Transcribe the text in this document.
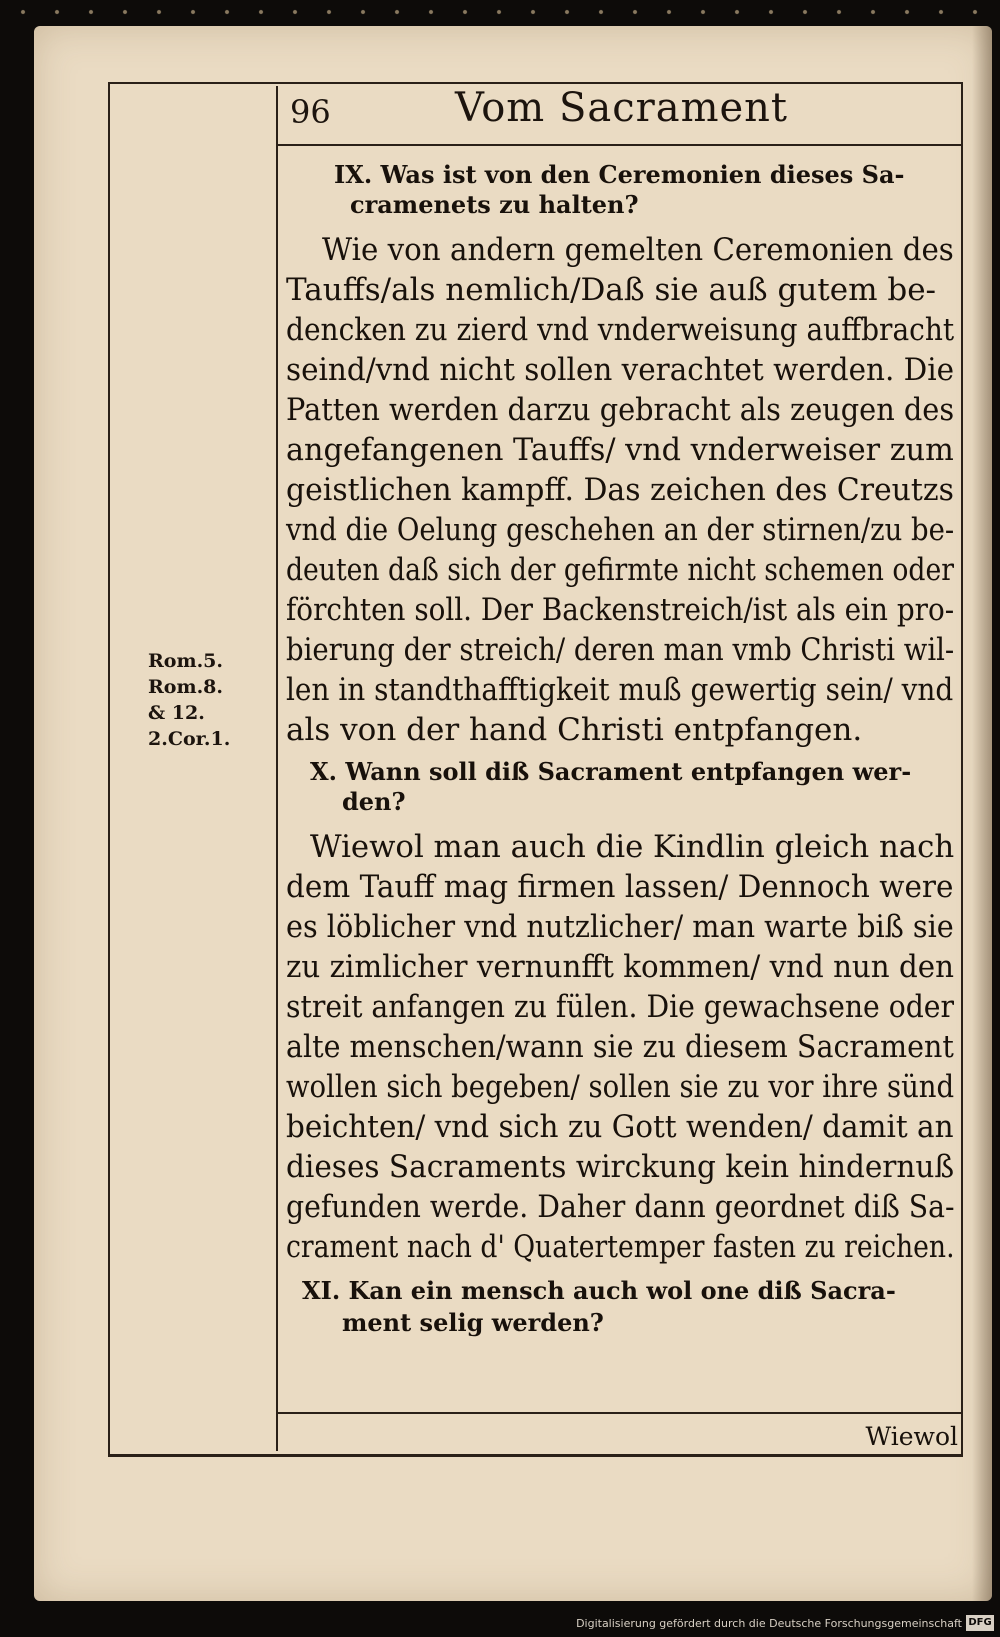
96	Vom Sacrament
Rom.5.
Rom.8.
& 12.
2.Cor.1.
IX. Was ist von den Ceremonien dieses Sa-
cramenets zu halten?
Wie von andern gemelten Ceremonien des
Tauffs/als nemlich/Daß sie auß gutem be-
dencken zu zierd vnd vnderweisung auffbracht
seind/vnd nicht sollen verachtet werden. Die
Patten werden darzu gebracht als zeugen des
angefangenen Tauffs/ vnd vnderweiser zum
geistlichen kampff. Das zeichen des Creutzs
vnd die Oelung geschehen an der stirnen/zu be-
deuten daß sich der gefirmte nicht schemen oder
förchten soll. Der Backenstreich/ist als ein pro-
bierung der streich/ deren man vmb Christi wil-
len in standthafftigkeit muß gewertig sein/ vnd
als von der hand Christi entpfangen.
X. Wann soll diß Sacrament entpfangen wer-
den?
Wiewol man auch die Kindlin gleich nach
dem Tauff mag firmen lassen/ Dennoch were
es löblicher vnd nutzlicher/ man warte biß sie
zu zimlicher vernunfft kommen/ vnd nun den
streit anfangen zu fülen. Die gewachsene oder
alte menschen/wann sie zu diesem Sacrament
wollen sich begeben/ sollen sie zu vor ihre sünd
beichten/ vnd sich zu Gott wenden/ damit an
dieses Sacraments wirckung kein hindernuß
gefunden werde. Daher dann geordnet diß Sa-
crament nach d' Quatertemper fasten zu reichen.
XI. Kan ein mensch auch wol one diß Sacra-
ment selig werden?
Wiewol
Digitalisierung gefördert durch die Deutsche Forschungsgemeinschaft DFG
